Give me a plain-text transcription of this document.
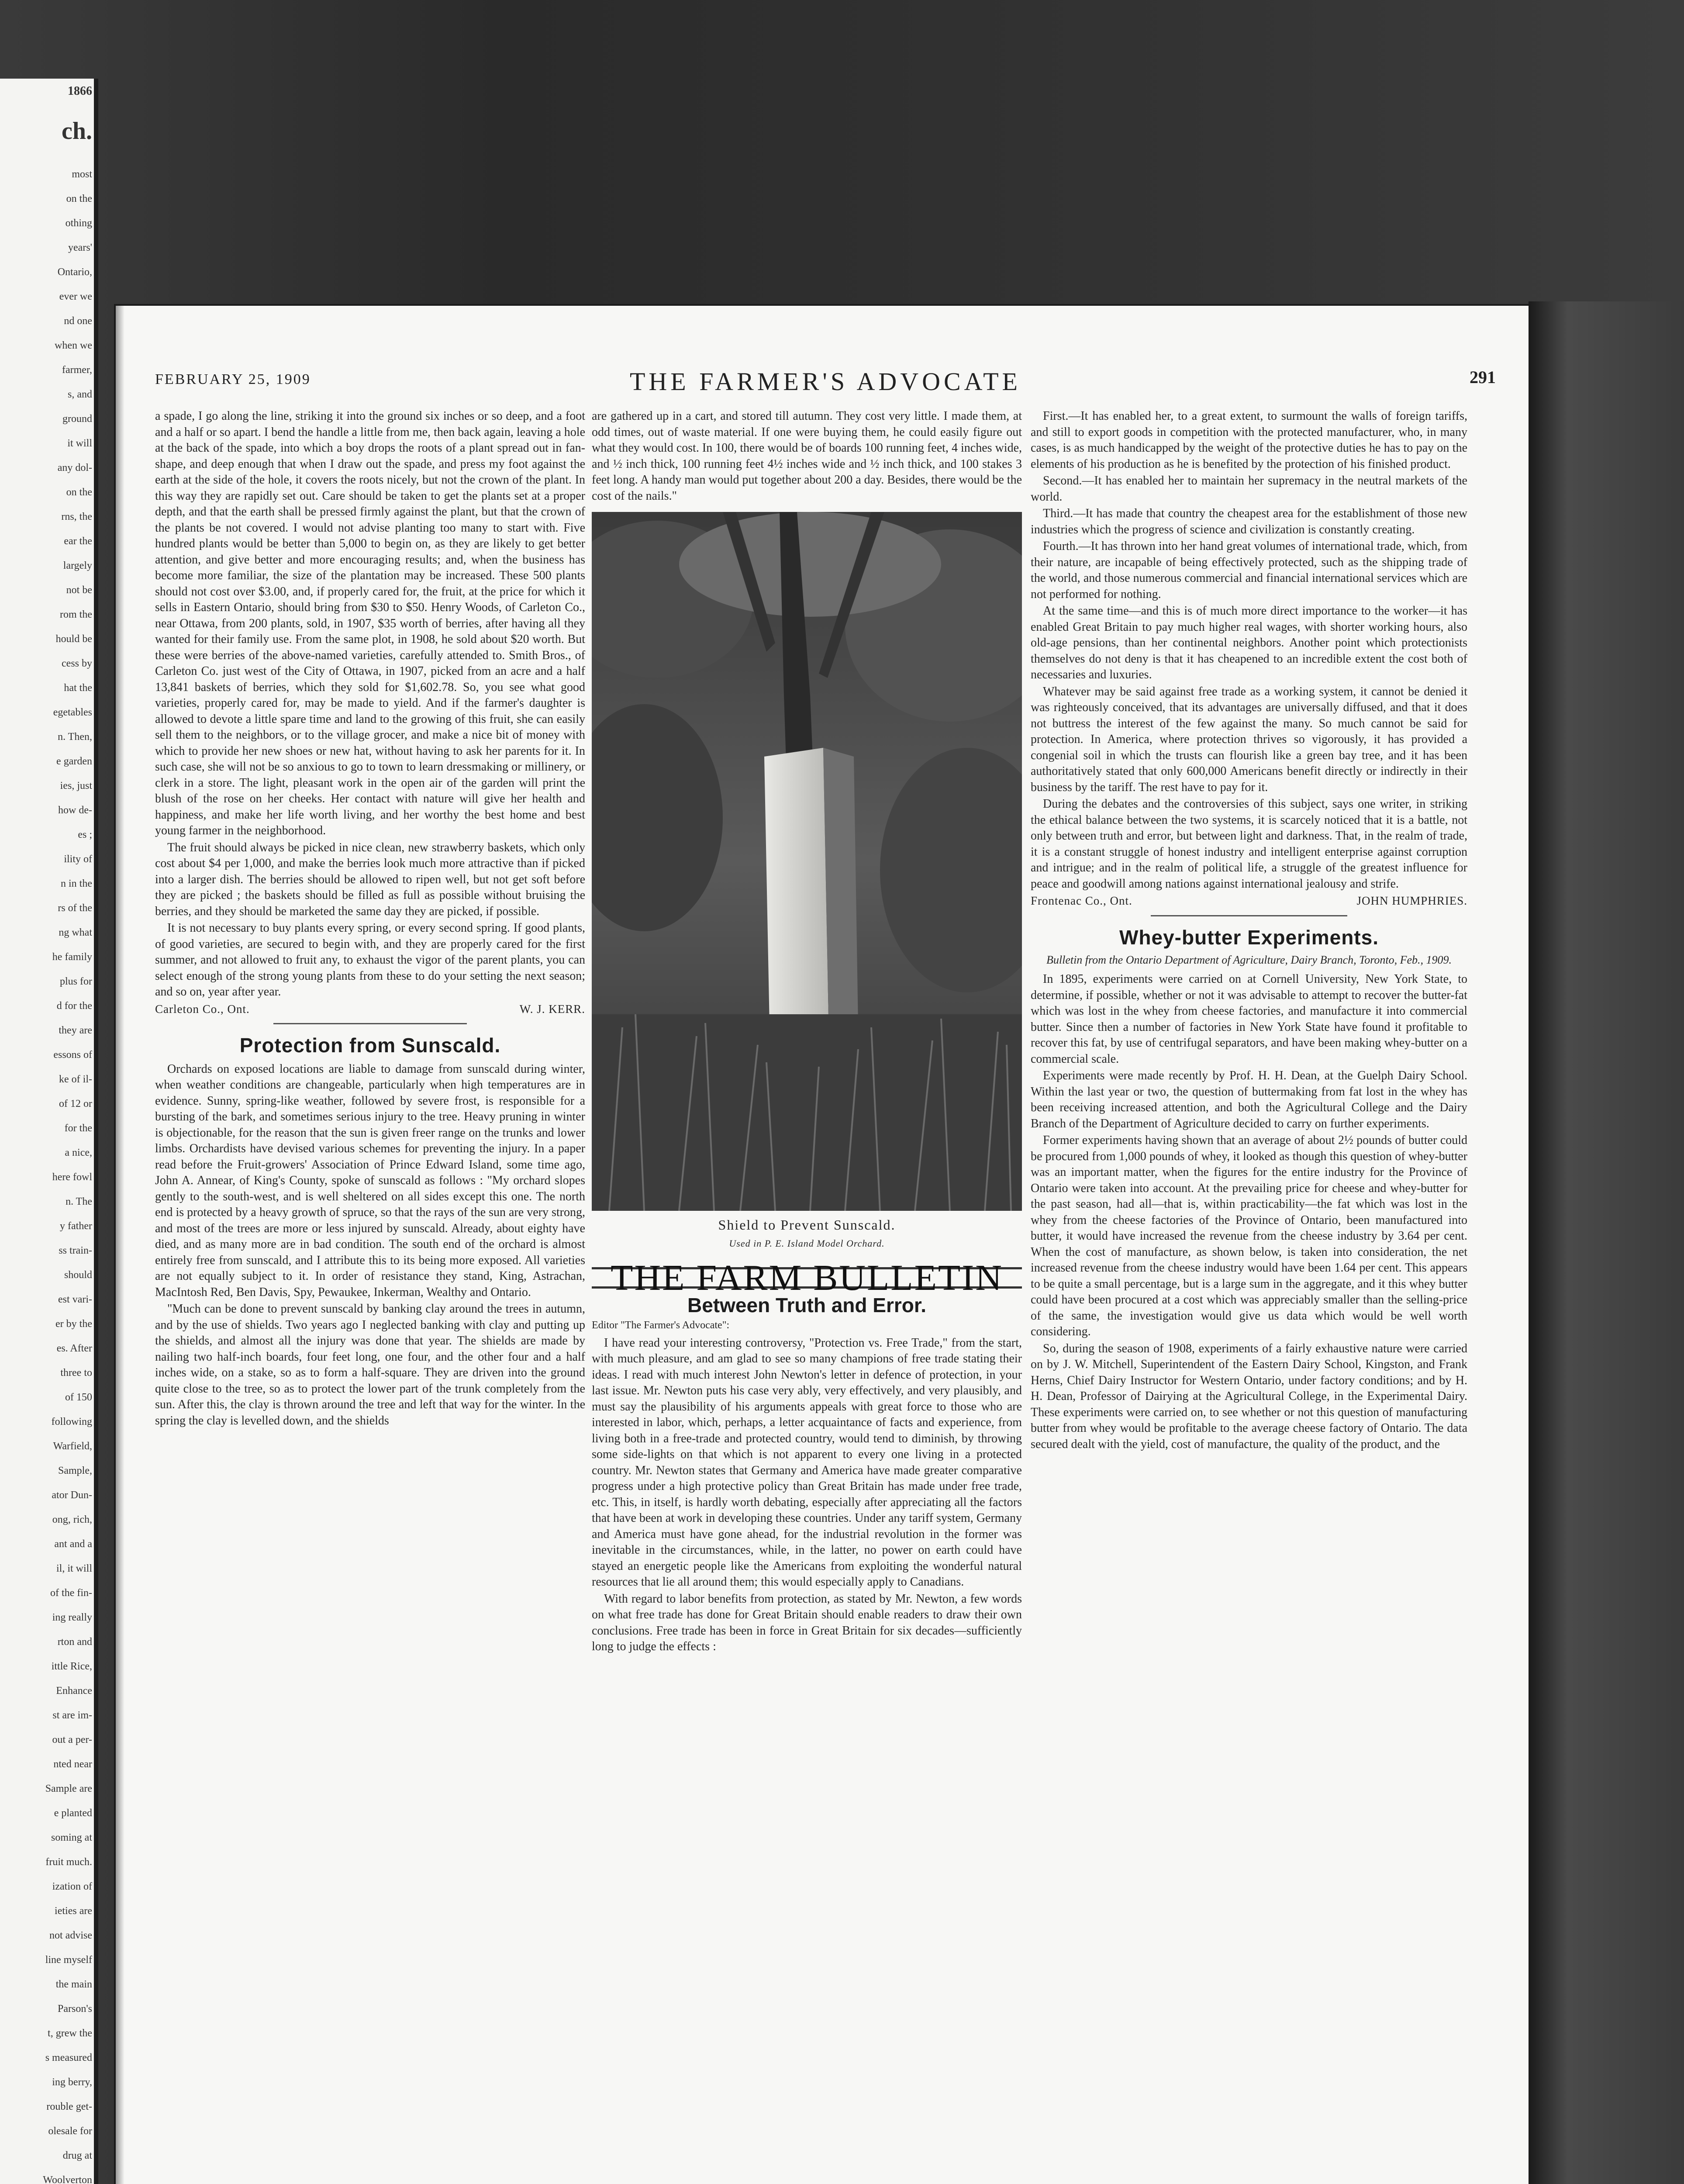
1866
ch.
most
on the
othing
years'
Ontario,
ever we
nd one
when we
farmer,
s, and
ground
it will
any dol-
on the
rns, the
ear the
largely
not be
rom the
hould be
cess by
hat the
egetables
n. Then,
e garden
ies, just
how de-
es ;
ility of
n in the
rs of the
ng what
he family
plus for
d for the
they are
essons of
ke of il-
of 12 or
for the
a nice,
here fowl
n. The
y father
ss train-
should
est vari-
er by the
es. After
three to
of 150
following
Warfield,
Sample,
ator Dun-
ong, rich,
ant and a
il, it will
of the fin-
ing really
rton and
ittle Rice,
Enhance
st are im-
out a per-
nted near
Sample are
e planted
soming at
fruit much.
ization of
ieties are
not advise
line myself
the main
Parson's
t, grew the
s measured
ing berry,
rouble get-
olesale for
drug at
Woolverton
FEBRUARY 25, 1909	THE FARMER'S ADVOCATE	291

a spade, I go along the line, striking it into the ground six inches or so deep, and a foot and a half or so apart. I bend the handle a little from me, then back again, leaving a hole at the back of the spade, into which a boy drops the roots of a plant spread out in fan-shape, and deep enough that when I draw out the spade, and press my foot against the earth at the side of the hole, it covers the roots nicely, but not the crown of the plant. In this way they are rapidly set out. Care should be taken to get the plants set at a proper depth, and that the earth shall be pressed firmly against the plant, but that the crown of the plants be not covered. I would not advise planting too many to start with. Five hundred plants would be better than 5,000 to begin on, as they are likely to get better attention, and give better and more encouraging results; and, when the business has become more familiar, the size of the plantation may be increased. These 500 plants should not cost over $3.00, and, if properly cared for, the fruit, at the price for which it sells in Eastern Ontario, should bring from $30 to $50. Henry Woods, of Carleton Co., near Ottawa, from 200 plants, sold, in 1907, $35 worth of berries, after having all they wanted for their family use. From the same plot, in 1908, he sold about $20 worth. But these were berries of the above-named varieties, carefully attended to. Smith Bros., of Carleton Co. just west of the City of Ottawa, in 1907, picked from an acre and a half 13,841 baskets of berries, which they sold for $1,602.78. So, you see what good varieties, properly cared for, may be made to yield. And if the farmer's daughter is allowed to devote a little spare time and land to the growing of this fruit, she can easily sell them to the neighbors, or to the village grocer, and make a nice bit of money with which to provide her new shoes or new hat, without having to ask her parents for it. In such case, she will not be so anxious to go to town to learn dressmaking or millinery, or clerk in a store. The light, pleasant work in the open air of the garden will print the blush of the rose on her cheeks. Her contact with nature will give her health and happiness, and make her life worth living, and her worthy the best home and best young farmer in the neighborhood.

The fruit should always be picked in nice clean, new strawberry baskets, which only cost about $4 per 1,000, and make the berries look much more attractive than if picked into a larger dish. The berries should be allowed to ripen well, but not get soft before they are picked ; the baskets should be filled as full as possible without bruising the berries, and they should be marketed the same day they are picked, if possible.

It is not necessary to buy plants every spring, or every second spring. If good plants, of good varieties, are secured to begin with, and they are properly cared for the first summer, and not allowed to fruit any, to exhaust the vigor of the parent plants, you can select enough of the strong young plants from these to do your setting the next season; and so on, year after year.

Carleton Co., Ont.	W. J. KERR.
Protection from Sunscald.

Orchards on exposed locations are liable to damage from sunscald during winter, when weather conditions are changeable, particularly when high temperatures are in evidence. Sunny, spring-like weather, followed by severe frost, is responsible for a bursting of the bark, and sometimes serious injury to the tree. Heavy pruning in winter is objectionable, for the reason that the sun is given freer range on the trunks and lower limbs. Orchardists have devised various schemes for preventing the injury. In a paper read before the Fruit-growers' Association of Prince Edward Island, some time ago, John A. Annear, of King's County, spoke of sunscald as follows : "My orchard slopes gently to the south-west, and is well sheltered on all sides except this one. The north end is protected by a heavy growth of spruce, so that the rays of the sun are very strong, and most of the trees are more or less injured by sunscald. Already, about eighty have died, and as many more are in bad condition. The south end of the orchard is almost entirely free from sunscald, and I attribute this to its being more exposed. All varieties are not equally subject to it. In order of resistance they stand, King, Astrachan, MacIntosh Red, Ben Davis, Spy, Pewaukee, Inkerman, Wealthy and Ontario.

"Much can be done to prevent sunscald by banking clay around the trees in autumn, and by the use of shields. Two years ago I neglected banking with clay and putting up the shields, and almost all the injury was done that year. The shields are made by nailing two half-inch boards, four feet long, one four, and the other four and a half inches wide, on a stake, so as to form a half-square. They are driven into the ground quite close to the tree, so as to protect the lower part of the trunk completely from the sun. After this, the clay is thrown around the tree and left that way for the winter. In the spring the clay is levelled down, and the shields

are gathered up in a cart, and stored till autumn. They cost very little. I made them, at odd times, out of waste material. If one were buying them, he could easily figure out what they would cost. In 100, there would be of boards 100 running feet, 4 inches wide, and ½ inch thick, 100 running feet 4½ inches wide and ½ inch thick, and 100 stakes 3 feet long. A handy man would put together about 200 a day. Besides, there would be the cost of the nails."

Shield to Prevent Sunscald.
Used in P. E. Island Model Orchard.
THE FARM BULLETIN
Between Truth and Error.

Editor "The Farmer's Advocate":

I have read your interesting controversy, "Protection vs. Free Trade," from the start, with much pleasure, and am glad to see so many champions of free trade stating their ideas. I read with much interest John Newton's letter in defence of protection, in your last issue. Mr. Newton puts his case very ably, very effectively, and very plausibly, and must say the plausibility of his arguments appeals with great force to those who are interested in labor, which, perhaps, a letter acquaintance of facts and experience, from living both in a free-trade and protected country, would tend to diminish, by throwing some side-lights on that which is not apparent to every one living in a protected country. Mr. Newton states that Germany and America have made greater comparative progress under a high protective policy than Great Britain has made under free trade, etc. This, in itself, is hardly worth debating, especially after appreciating all the factors that have been at work in developing these countries. Under any tariff system, Germany and America must have gone ahead, for the industrial revolution in the former was inevitable in the circumstances, while, in the latter, no power on earth could have stayed an energetic people like the Americans from exploiting the wonderful natural resources that lie all around them; this would especially apply to Canadians.

With regard to labor benefits from protection, as stated by Mr. Newton, a few words on what free trade has done for Great Britain should enable readers to draw their own conclusions. Free trade has been in force in Great Britain for six decades—sufficiently long to judge the effects :

First.—It has enabled her, to a great extent, to surmount the walls of foreign tariffs, and still to export goods in competition with the protected manufacturer, who, in many cases, is as much handicapped by the weight of the protective duties he has to pay on the elements of his production as he is benefited by the protection of his finished product.

Second.—It has enabled her to maintain her supremacy in the neutral markets of the world.

Third.—It has made that country the cheapest area for the establishment of those new industries which the progress of science and civilization is constantly creating.

Fourth.—It has thrown into her hand great volumes of international trade, which, from their nature, are incapable of being effectively protected, such as the shipping trade of the world, and those numerous commercial and financial international services which are not performed for nothing.

At the same time—and this is of much more direct importance to the worker—it has enabled Great Britain to pay much higher real wages, with shorter working hours, also old-age pensions, than her continental neighbors. Another point which protectionists themselves do not deny is that it has cheapened to an incredible extent the cost both of necessaries and luxuries.

Whatever may be said against free trade as a working system, it cannot be denied it was righteously conceived, that its advantages are universally diffused, and that it does not buttress the interest of the few against the many. So much cannot be said for protection. In America, where protection thrives so vigorously, it has provided a congenial soil in which the trusts can flourish like a green bay tree, and it has been authoritatively stated that only 600,000 Americans benefit directly or indirectly in their business by the tariff. The rest have to pay for it.

During the debates and the controversies of this subject, says one writer, in striking the ethical balance between the two systems, it is scarcely noticed that it is a battle, not only between truth and error, but between light and darkness. That, in the realm of trade, it is a constant struggle of honest industry and intelligent enterprise against corruption and intrigue; and in the realm of political life, a struggle of the greatest influence for peace and goodwill among nations against international jealousy and strife.

Frontenac Co., Ont.	JOHN HUMPHRIES.
Whey-butter Experiments.
Bulletin from the Ontario Department of Agriculture, Dairy Branch, Toronto, Feb., 1909.

In 1895, experiments were carried on at Cornell University, New York State, to determine, if possible, whether or not it was advisable to attempt to recover the butter-fat which was lost in the whey from cheese factories, and manufacture it into commercial butter. Since then a number of factories in New York State have found it profitable to recover this fat, by use of centrifugal separators, and have been making whey-butter on a commercial scale.

Experiments were made recently by Prof. H. H. Dean, at the Guelph Dairy School. Within the last year or two, the question of buttermaking from fat lost in the whey has been receiving increased attention, and both the Agricultural College and the Dairy Branch of the Department of Agriculture decided to carry on further experiments.

Former experiments having shown that an average of about 2½ pounds of butter could be procured from 1,000 pounds of whey, it looked as though this question of whey-butter was an important matter, when the figures for the entire industry for the Province of Ontario were taken into account. At the prevailing price for cheese and whey-butter for the past season, had all—that is, within practicability—the fat which was lost in the whey from the cheese factories of the Province of Ontario, been manufactured into butter, it would have increased the revenue from the cheese industry by 3.64 per cent. When the cost of manufacture, as shown below, is taken into consideration, the net increased revenue from the cheese industry would have been 1.64 per cent. This appears to be quite a small percentage, but is a large sum in the aggregate, and it this whey butter could have been procured at a cost which was appreciably smaller than the selling-price of the same, the investigation would give us data which would be well worth considering.

So, during the season of 1908, experiments of a fairly exhaustive nature were carried on by J. W. Mitchell, Superintendent of the Eastern Dairy School, Kingston, and Frank Herns, Chief Dairy Instructor for Western Ontario, under factory conditions; and by H. H. Dean, Professor of Dairying at the Agricultural College, in the Experimental Dairy. These experiments were carried on, to see whether or not this question of manufacturing butter from whey would be profitable to the average cheese factory of Ontario. The data secured dealt with the yield, cost of manufacture, the quality of the product, and the
